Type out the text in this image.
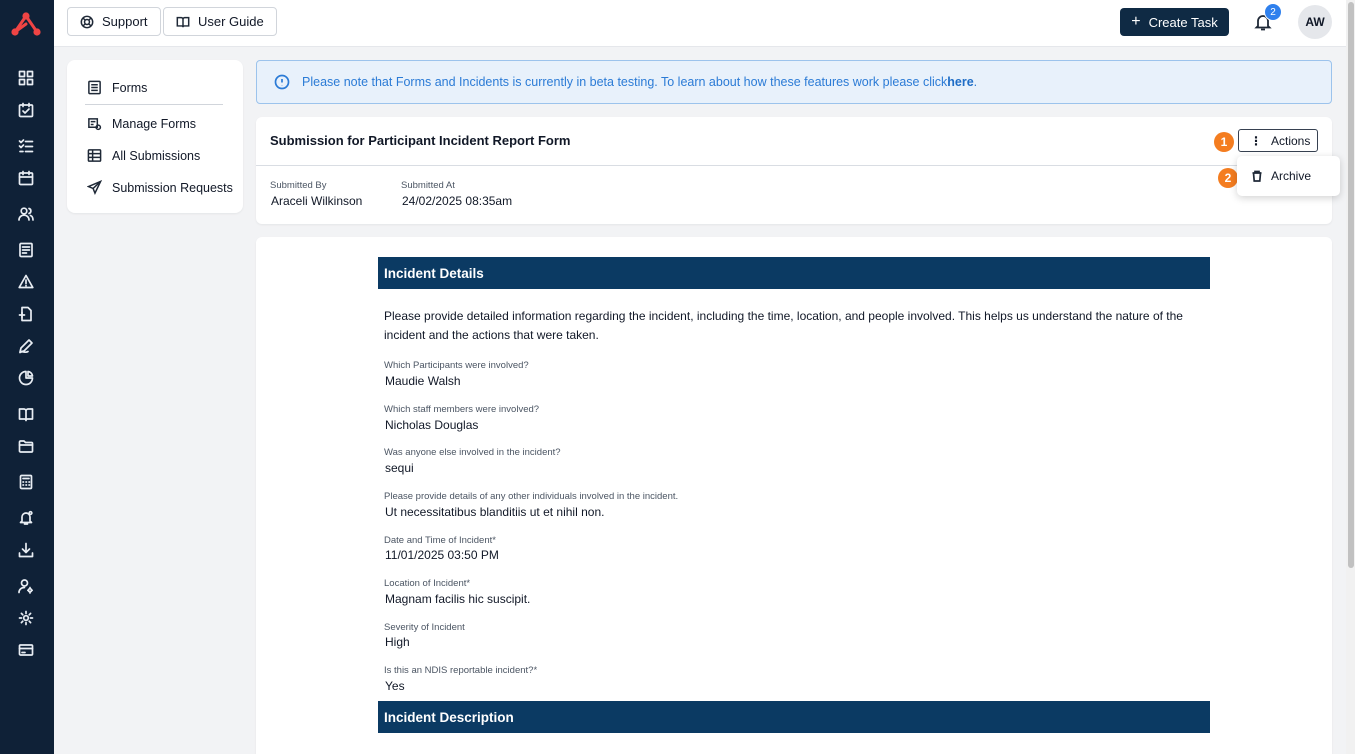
Support	User Guide	+ Create Task
2
AW
Forms
Manage Forms
All Submissions
Submission Requests
Please note that Forms and Incidents is currently in beta testing. To learn about how these features work please click here .
Submission for Participant Incident Report Form	⋮ Actions
Submitted By
Araceli Wilkinson
Submitted At
24/02/2025 08:35am
1
2	Archive
Incident Details
Please provide detailed information regarding the incident, including the time, location, and people involved. This helps us understand the nature of the incident and the actions that were taken.
Which Participants were involved?
Maudie Walsh
Which staff members were involved?
Nicholas Douglas
Was anyone else involved in the incident?
sequi
Please provide details of any other individuals involved in the incident.
Ut necessitatibus blanditiis ut et nihil non.
Date and Time of Incident*
11/01/2025 03:50 PM
Location of Incident*
Magnam facilis hic suscipit.
Severity of Incident
High
Is this an NDIS reportable incident?*
Yes
Incident Description
